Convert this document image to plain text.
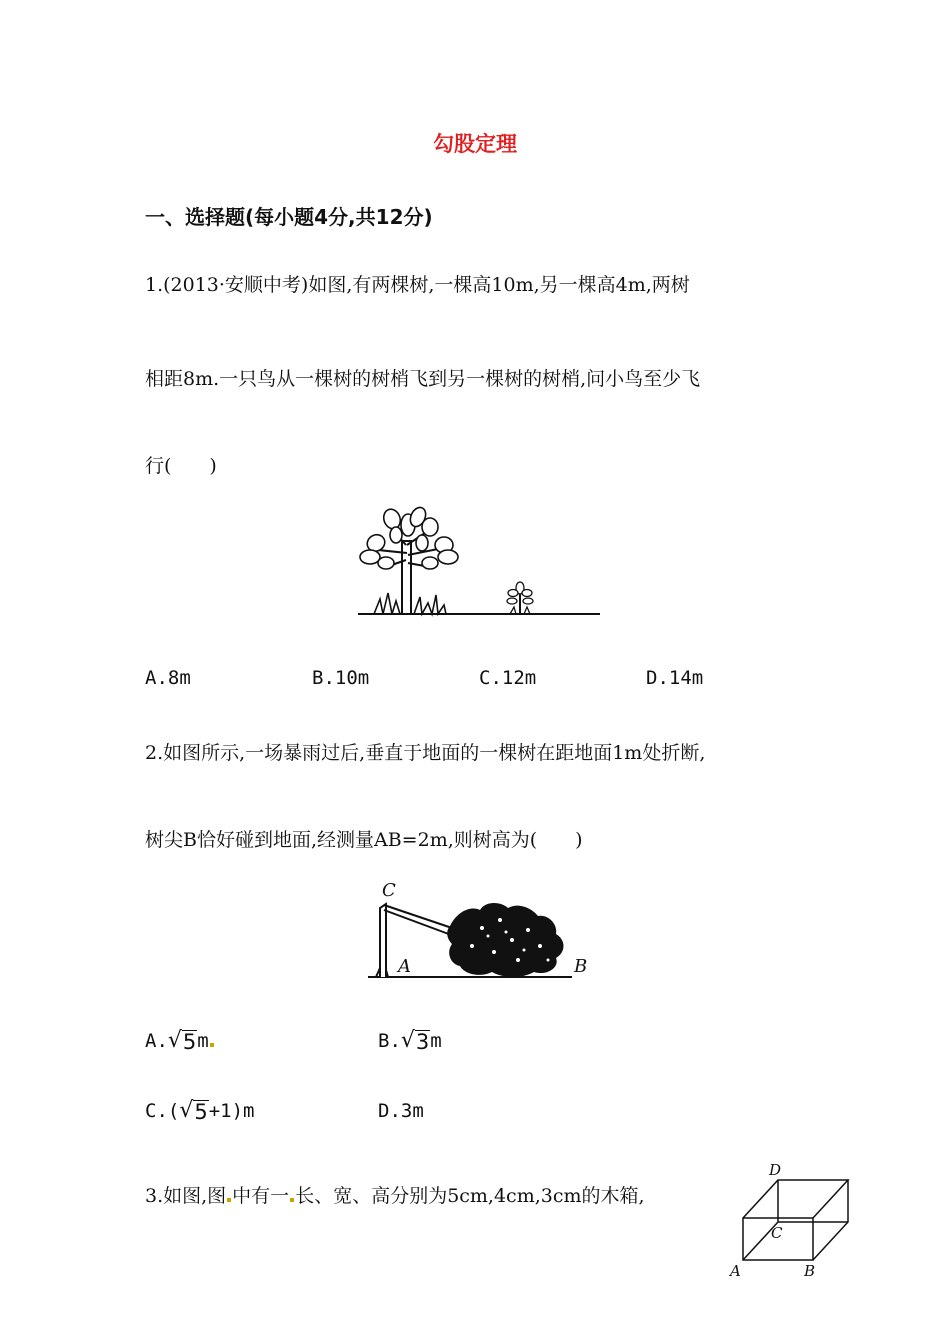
勾股定理
一、选择题(每小题4分,共12分)
1.(2013·安顺中考)如图,有两棵树,一棵高10m,另一棵高4m,两树
相距8m.一只鸟从一棵树的树梢飞到另一棵树的树梢,问小鸟至少飞
行(　　)
A.8m	B.10m	C.12m	D.14m
2.如图所示,一场暴雨过后,垂直于地面的一棵树在距地面1m处折断,
树尖B恰好碰到地面,经测量AB=2m,则树高为(　　)
C
A	B
A. √ 5 m	B. √ 3 m
C.( √ 5 +1)m	D.3m
3.如图,图 中有一 长、宽、高分别为5cm,4cm,3cm的木箱,
D
C
A	B
